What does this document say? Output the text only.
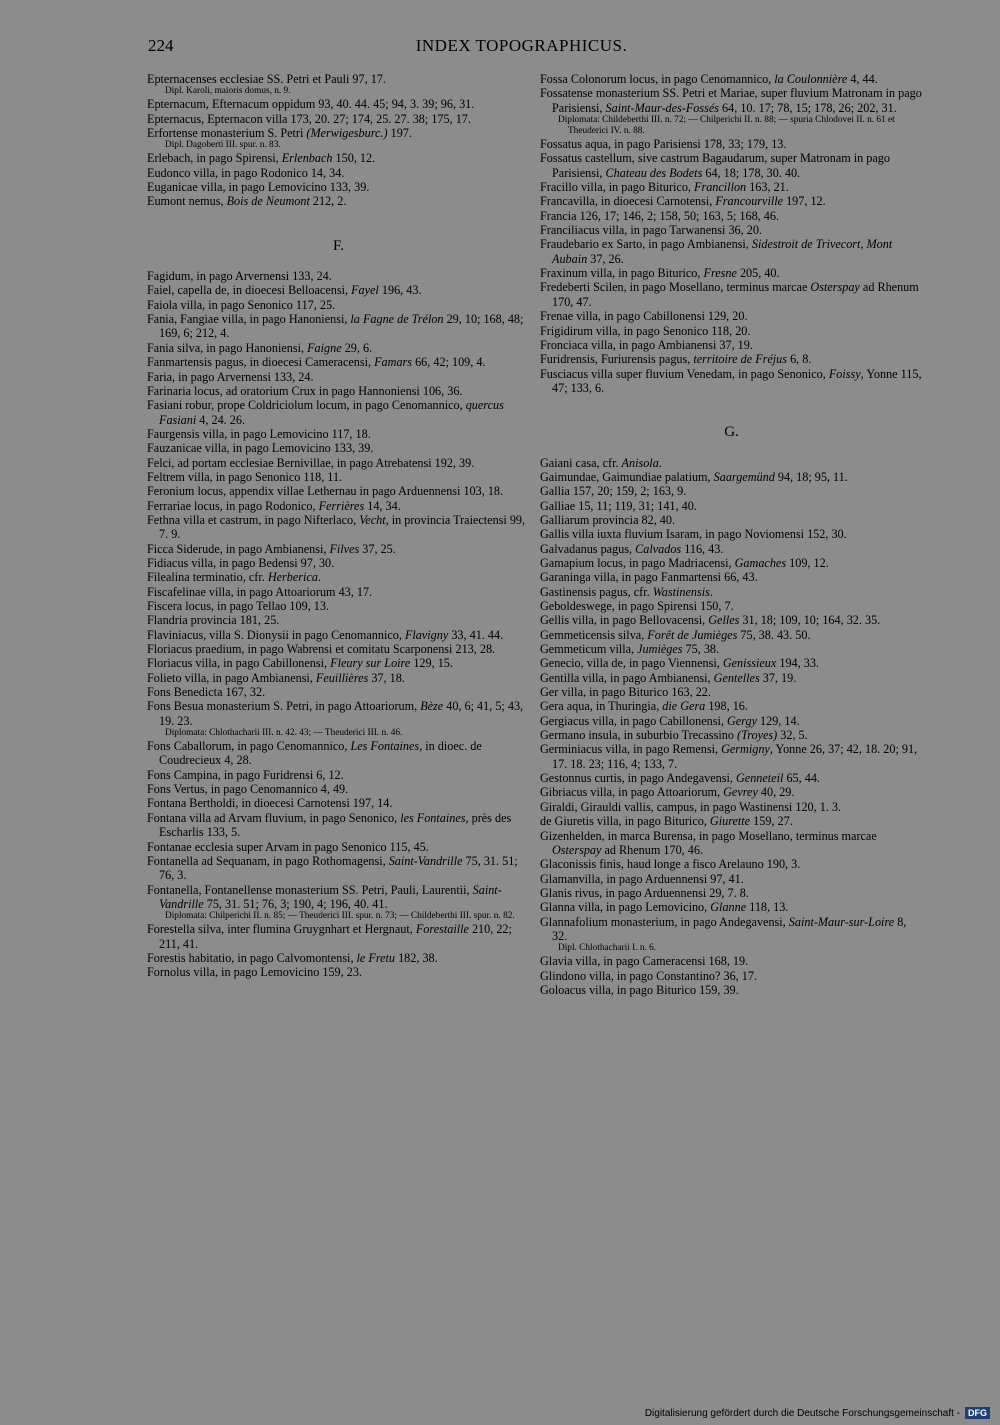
224	INDEX TOPOGRAPHICUS.
Epternacenses ecclesiae SS. Petri et Pauli 97, 17.
Dipl. Karoli, maioris domus, n. 9.
Epternacum, Efternacum oppidum 93, 40. 44. 45; 94, 3. 39; 96, 31.
Epternacus, Epternacon villa 173, 20. 27; 174, 25. 27. 38; 175, 17.
Erfortense monasterium S. Petri (Merwigesburc.) 197.
Dipl. Dagoberti III. spur. n. 83.
Erlebach, in pago Spirensi, Erlenbach 150, 12.
Eudonco villa, in pago Rodonico 14, 34.
Euganicae villa, in pago Lemovicino 133, 39.
Eumont nemus, Bois de Neumont 212, 2.
F.
Fagidum, in pago Arvernensi 133, 24.
Faiel, capella de, in dioecesi Belloacensi, Fayel 196, 43.
Faiola villa, in pago Senonico 117, 25.
Fania, Fangiae villa, in pago Hanoniensi, la Fagne de Trélon 29, 10; 168, 48; 169, 6; 212, 4.
Fania silva, in pago Hanoniensi, Faigne 29, 6.
Fanmartensis pagus, in dioecesi Cameracensi, Famars 66, 42; 109, 4.
Faria, in pago Arvernensi 133, 24.
Farinaria locus, ad oratorium Crux in pago Hannoniensi 106, 36.
Fasiani robur, prope Coldriciolum locum, in pago Cenomannico, quercus Fasiani 4, 24. 26.
Faurgensis villa, in pago Lemovicino 117, 18.
Fauzanicae villa, in pago Lemovicino 133, 39.
Felci, ad portam ecclesiae Bernivillae, in pago Atrebatensi 192, 39.
Feltrem villa, in pago Senonico 118, 11.
Feronium locus, appendix villae Lethernau in pago Arduennensi 103, 18.
Ferrariae locus, in pago Rodonico, Ferrières 14, 34.
Fethna villa et castrum, in pago Nifterlaco, Vecht, in provincia Traiectensi 99, 7. 9.
Ficca Siderude, in pago Ambianensi, Filves 37, 25.
Fidiacus villa, in pago Bedensi 97, 30.
Filealina terminatio, cfr. Herberica.
Fiscafelinae villa, in pago Attoariorum 43, 17.
Fiscera locus, in pago Tellao 109, 13.
Flandria provincia 181, 25.
Flaviniacus, villa S. Dionysii in pago Cenomannico, Flavigny 33, 41. 44.
Floriacus praedium, in pago Wabrensi et comitatu Scarponensi 213, 28.
Floriacus villa, in pago Cabillonensi, Fleury sur Loire 129, 15.
Folieto villa, in pago Ambianensi, Feuillières 37, 18.
Fons Benedicta 167, 32.
Fons Besua monasterium S. Petri, in pago Attoariorum, Bèze 40, 6; 41, 5; 43, 19. 23.
Diplomata: Chlothacharii III. n. 42. 43; — Theuderici III. n. 46.
Fons Caballorum, in pago Cenomannico, Les Fontaines, in dioec. de Coudrecieux 4, 28.
Fons Campina, in pago Furidrensi 6, 12.
Fons Vertus, in pago Cenomannico 4, 49.
Fontana Bertholdi, in dioecesi Carnotensi 197, 14.
Fontana villa ad Arvam fluvium, in pago Senonico, les Fontaines, près des Escharlis 133, 5.
Fontanae ecclesia super Arvam in pago Senonico 115, 45.
Fontanella ad Sequanam, in pago Rothomagensi, Saint-Vandrille 75, 31. 51; 76, 3.
Fontanella, Fontanellense monasterium SS. Petri, Pauli, Laurentii, Saint-Vandrille 75, 31. 51; 76, 3; 190, 4; 196, 40. 41.
Diplomata: Chilperichi II. n. 85; — Theuderici III. spur. n. 73; — Childeberthi III. spur. n. 82.
Forestella silva, inter flumina Gruygnhart et Hergnaut, Forestaille 210, 22; 211, 41.
Forestis habitatio, in pago Calvomontensi, le Fretu 182, 38.
Fornolus villa, in pago Lemovicino 159, 23.
Fossa Colonorum locus, in pago Cenomannico, la Coulonnière 4, 44.
Fossatense monasterium SS. Petri et Mariae, super fluvium Matronam in pago Parisiensi, Saint-Maur-des-Fossés 64, 10. 17; 78, 15; 178, 26; 202, 31.
Diplomata: Childeberthi III. n. 72; — Chilperichi II. n. 88; — spuria Chlodovei II. n. 61 et Theuderici IV. n. 88.
Fossatus aqua, in pago Parisiensi 178, 33; 179, 13.
Fossatus castellum, sive castrum Bagaudarum, super Matronam in pago Parisiensi, Chateau des Bodets 64, 18; 178, 30. 40.
Fracillo villa, in pago Biturico, Francillon 163, 21.
Francavilla, in dioecesi Carnotensi, Francourville 197, 12.
Francia 126, 17; 146, 2; 158, 50; 163, 5; 168, 46.
Franciliacus villa, in pago Tarwanensi 36, 20.
Fraudebario ex Sarto, in pago Ambianensi, Sidestroit de Trivecort, Mont Aubain 37, 26.
Fraxinum villa, in pago Biturico, Fresne 205, 40.
Fredeberti Scilen, in pago Mosellano, terminus marcae Osterspay ad Rhenum 170, 47.
Frenae villa, in pago Cabillonensi 129, 20.
Frigidirum villa, in pago Senonico 118, 20.
Fronciaca villa, in pago Ambianensi 37, 19.
Furidrensis, Furiurensis pagus, territoire de Fréjus 6, 8.
Fusciacus villa super fluvium Venedam, in pago Senonico, Foissy, Yonne 115, 47; 133, 6.
G.
Gaiani casa, cfr. Anisola.
Gaimundae, Gaimundiae palatium, Saargemünd 94, 18; 95, 11.
Gallia 157, 20; 159, 2; 163, 9.
Galliae 15, 11; 119, 31; 141, 40.
Galliarum provincia 82, 40.
Gallis villa iuxta fluvium Isaram, in pago Noviomensi 152, 30.
Galvadanus pagus, Calvados 116, 43.
Gamapium locus, in pago Madriacensi, Gamaches 109, 12.
Garaninga villa, in pago Fanmartensi 66, 43.
Gastinensis pagus, cfr. Wastinensis.
Geboldeswege, in pago Spirensi 150, 7.
Gellis villa, in pago Bellovacensi, Gelles 31, 18; 109, 10; 164, 32. 35.
Gemmeticensis silva, Forêt de Jumièges 75, 38. 43. 50.
Gemmeticum villa, Jumièges 75, 38.
Genecio, villa de, in pago Viennensi, Genissieux 194, 33.
Gentilla villa, in pago Ambianensi, Gentelles 37, 19.
Ger villa, in pago Biturico 163, 22.
Gera aqua, in Thuringia, die Gera 198, 16.
Gergiacus villa, in pago Cabillonensi, Gergy 129, 14.
Germano insula, in suburbio Trecassino (Troyes) 32, 5.
Germiniacus villa, in pago Remensi, Germigny, Yonne 26, 37; 42, 18. 20; 91, 17. 18. 23; 116, 4; 133, 7.
Gestonnus curtis, in pago Andegavensi, Genneteil 65, 44.
Gibriacus villa, in pago Attoariorum, Gevrey 40, 29.
Giraldi, Girauldi vallis, campus, in pago Wastinensi 120, 1. 3.
de Giuretis villa, in pago Biturico, Giurette 159, 27.
Gizenhelden, in marca Burensa, in pago Mosellano, terminus marcae Osterspay ad Rhenum 170, 46.
Glaconissis finis, haud longe a fisco Arelauno 190, 3.
Glamanvilla, in pago Arduennensi 97, 41.
Glanis rivus, in pago Arduennensi 29, 7. 8.
Glanna villa, in pago Lemovicino, Glanne 118, 13.
Glannafolium monasterium, in pago Andegavensi, Saint-Maur-sur-Loire 8, 32.
Dipl. Chlothacharii I. n. 6.
Glavia villa, in pago Cameracensi 168, 19.
Glindono villa, in pago Constantino? 36, 17.
Goloacus villa, in pago Biturico 159, 39.
Digitalisierung gefördert durch die Deutsche Forschungsgemeinschaft - DFG
